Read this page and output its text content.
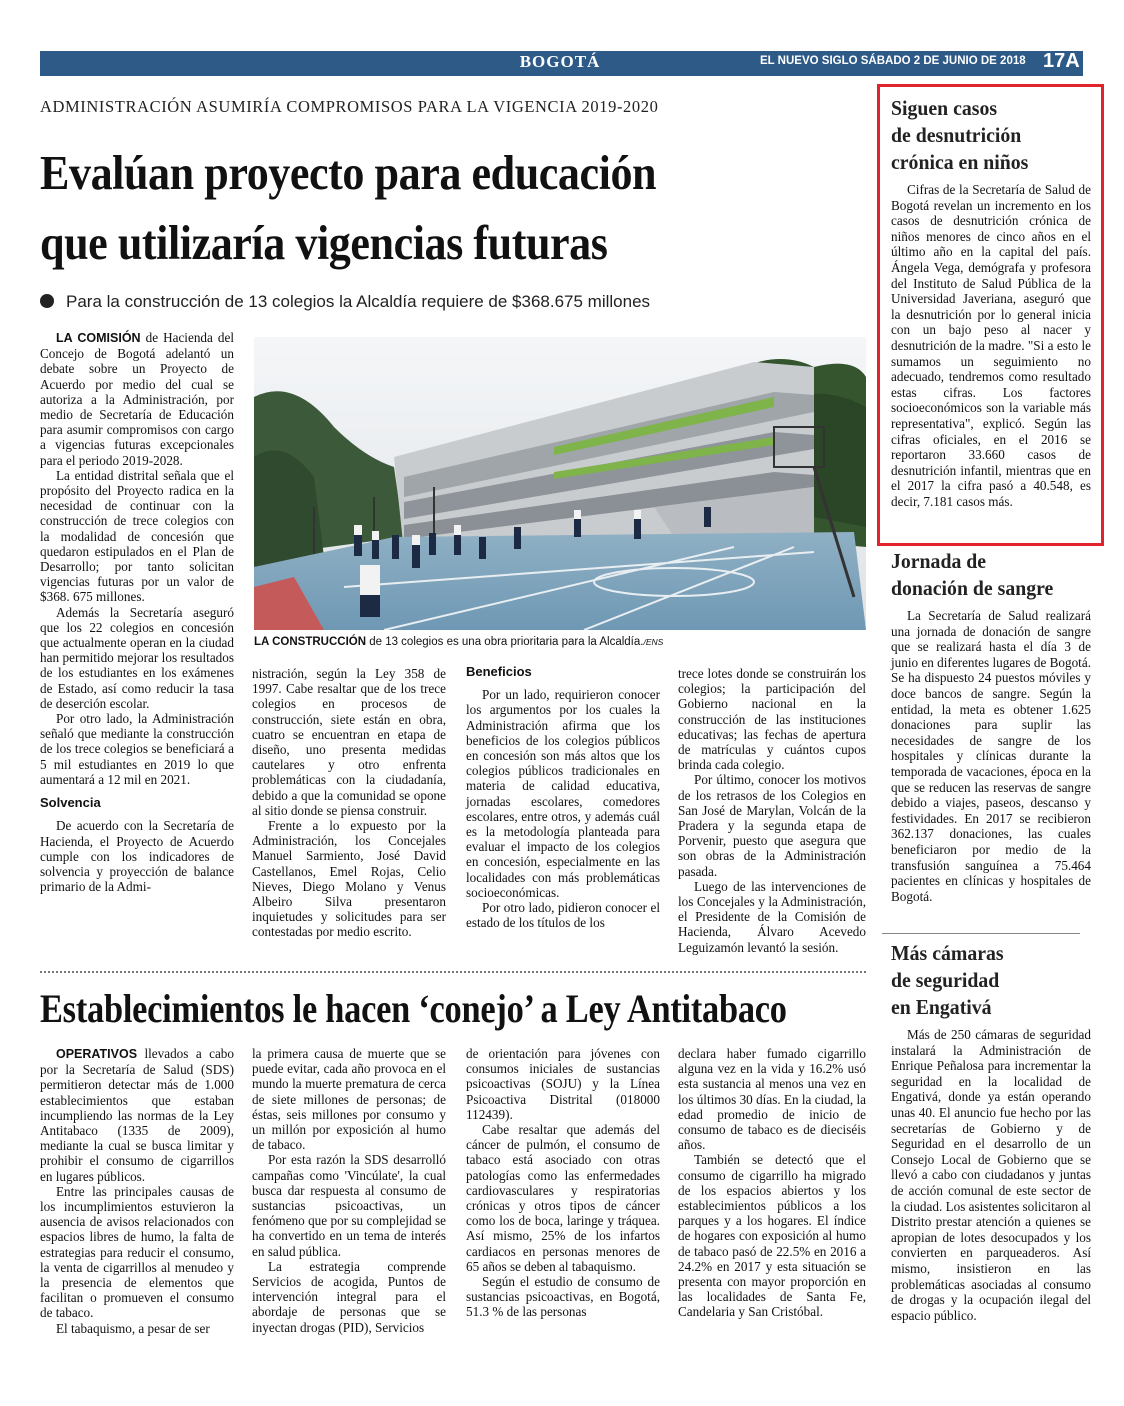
BOGOTÁ	EL NUEVO SIGLO SÁBADO 2 DE JUNIO DE 2018 17A
ADMINISTRACIÓN ASUMIRÍA COMPROMISOS PARA LA VIGENCIA 2019-2020
Evalúan proyecto para educación
que utilizaría vigencias futuras
Para la construcción de 13 colegios la Alcaldía requiere de $368.675 millones

LA COMISIÓN de Hacienda del Concejo de Bogotá adelantó un debate sobre un Proyecto de Acuerdo por medio del cual se autoriza a la Administración, por medio de Secretaría de Educación para asumir compromisos con cargo a vigencias futuras excepcionales para el periodo 2019-2028.

La entidad distrital señala que el propósito del Proyecto radica en la necesidad de continuar con la construcción de trece colegios con la modalidad de concesión que quedaron estipulados en el Plan de Desarrollo; por tanto solicitan vigencias futuras por un valor de $368. 675 millones.

Además la Secretaría aseguró que los 22 colegios en concesión que actualmente operan en la ciudad han permitido mejorar los resultados de los estudiantes en los exámenes de Estado, así como reducir la tasa de deserción escolar.

Por otro lado, la Administración señaló que mediante la construcción de los trece colegios se beneficiará a 5 mil estudiantes en 2019 lo que aumentará a 12 mil en 2021.

Solvencia

De acuerdo con la Secretaría de Hacienda, el Proyecto de Acuerdo cumple con los indicadores de solvencia y proyección de balance primario de la Admi-

LA CONSTRUCCIÓN de 13 colegios es una obra prioritaria para la Alcaldía./ENS

nistración, según la Ley 358 de 1997. Cabe resaltar que de los trece colegios en procesos de construcción, siete están en obra, cuatro se encuentran en etapa de diseño, uno presenta medidas cautelares y otro enfrenta problemáticas con la ciudadanía, debido a que la comunidad se opone al sitio donde se piensa construir.

Frente a lo expuesto por la Administración, los Concejales Manuel Sarmiento, José David Castellanos, Emel Rojas, Celio Nieves, Diego Molano y Venus Albeiro Silva presentaron inquietudes y solicitudes para ser contestadas por medio escrito.

Beneficios

Por un lado, requirieron conocer los argumentos por los cuales la Administración afirma que los beneficios de los colegios públicos en concesión son más altos que los colegios públicos tradicionales en materia de calidad educativa, jornadas escolares, comedores escolares, entre otros, y además cuál es la metodología planteada para evaluar el impacto de los colegios en concesión, especialmente en las localidades con más problemáticas socioeconómicas.

Por otro lado, pidieron conocer el estado de los títulos de los

trece lotes donde se construirán los colegios; la participación del Gobierno nacional en la construcción de las instituciones educativas; las fechas de apertura de matrículas y cuántos cupos brinda cada colegio.

Por último, conocer los motivos de los retrasos de los Colegios en San José de Marylan, Volcán de la Pradera y la segunda etapa de Porvenir, puesto que asegura que son obras de la Administración pasada.

Luego de las intervenciones de los Concejales y la Administración, el Presidente de la Comisión de Hacienda, Álvaro Acevedo Leguizamón levantó la sesión.

Establecimientos le hacen ‘conejo’ a Ley Antitabaco

OPERATIVOS llevados a cabo por la Secretaría de Salud (SDS) permitieron detectar más de 1.000 establecimientos que estaban incumpliendo las normas de la Ley Antitabaco (1335 de 2009), mediante la cual se busca limitar y prohibir el consumo de cigarrillos en lugares públicos.

Entre las principales causas de los incumplimientos estuvieron la ausencia de avisos relacionados con espacios libres de humo, la falta de estrategias para reducir el consumo, la venta de cigarrillos al menudeo y la presencia de elementos que facilitan o promueven el consumo de tabaco.

El tabaquismo, a pesar de ser

la primera causa de muerte que se puede evitar, cada año provoca en el mundo la muerte prematura de cerca de siete millones de personas; de éstas, seis millones por consumo y un millón por exposición al humo de tabaco.

Por esta razón la SDS desarrolló campañas como 'Vincúlate', la cual busca dar respuesta al consumo de sustancias psicoactivas, un fenómeno que por su complejidad se ha convertido en un tema de interés en salud pública.

La estrategia comprende Servicios de acogida, Puntos de intervención integral para el abordaje de personas que se inyectan drogas (PID), Servicios

de orientación para jóvenes con consumos iniciales de sustancias psicoactivas (SOJU) y la Línea Psicoactiva Distrital (018000 112439).

Cabe resaltar que además del cáncer de pulmón, el consumo de tabaco está asociado con otras patologías como las enfermedades cardiovasculares y respiratorias crónicas y otros tipos de cáncer como los de boca, laringe y tráquea. Así mismo, 25% de los infartos cardiacos en personas menores de 65 años se deben al tabaquismo.

Según el estudio de consumo de sustancias psicoactivas, en Bogotá, 51.3 % de las personas

declara haber fumado cigarrillo alguna vez en la vida y 16.2% usó esta sustancia al menos una vez en los últimos 30 días. En la ciudad, la edad promedio de inicio de consumo de tabaco es de dieciséis años.

También se detectó que el consumo de cigarrillo ha migrado de los espacios abiertos y los establecimientos públicos a los parques y a los hogares. El índice de hogares con exposición al humo de tabaco pasó de 22.5% en 2016 a 24.2% en 2017 y esta situación se presenta con mayor proporción en las localidades de Santa Fe, Candelaria y San Cristóbal.

Siguen casos
de desnutrición
crónica en niños

Cifras de la Secretaría de Salud de Bogotá revelan un incremento en los casos de desnutrición crónica de niños menores de cinco años en el último año en la capital del país. Ángela Vega, demógrafa y profesora del Instituto de Salud Pública de la Universidad Javeriana, aseguró que la desnutrición por lo general inicia con un bajo peso al nacer y desnutrición de la madre. "Si a esto le sumamos un seguimiento no adecuado, tendremos como resultado estas cifras. Los factores socioeconómicos son la variable más representativa", explicó. Según las cifras oficiales, en el 2016 se reportaron 33.660 casos de desnutrición infantil, mientras que en el 2017 la cifra pasó a 40.548, es decir, 7.181 casos más.

Jornada de
donación de sangre

La Secretaría de Salud realizará una jornada de donación de sangre que se realizará hasta el día 3 de junio en diferentes lugares de Bogotá. Se ha dispuesto 24 puestos móviles y doce bancos de sangre. Según la entidad, la meta es obtener 1.625 donaciones para suplir las necesidades de sangre de los hospitales y clínicas durante la temporada de vacaciones, época en la que se reducen las reservas de sangre debido a viajes, paseos, descanso y festividades. En 2017 se recibieron 362.137 donaciones, las cuales beneficiaron por medio de la transfusión sanguínea a 75.464 pacientes en clínicas y hospitales de Bogotá.

Más cámaras
de seguridad
en Engativá

Más de 250 cámaras de seguridad instalará la Administración de Enrique Peñalosa para incrementar la seguridad en la localidad de Engativá, donde ya están operando unas 40. El anuncio fue hecho por las secretarías de Gobierno y de Seguridad en el desarrollo de un Consejo Local de Gobierno que se llevó a cabo con ciudadanos y juntas de acción comunal de este sector de la ciudad. Los asistentes solicitaron al Distrito prestar atención a quienes se apropian de lotes desocupados y los convierten en parqueaderos. Así mismo, insistieron en las problemáticas asociadas al consumo de drogas y la ocupación ilegal del espacio público.
